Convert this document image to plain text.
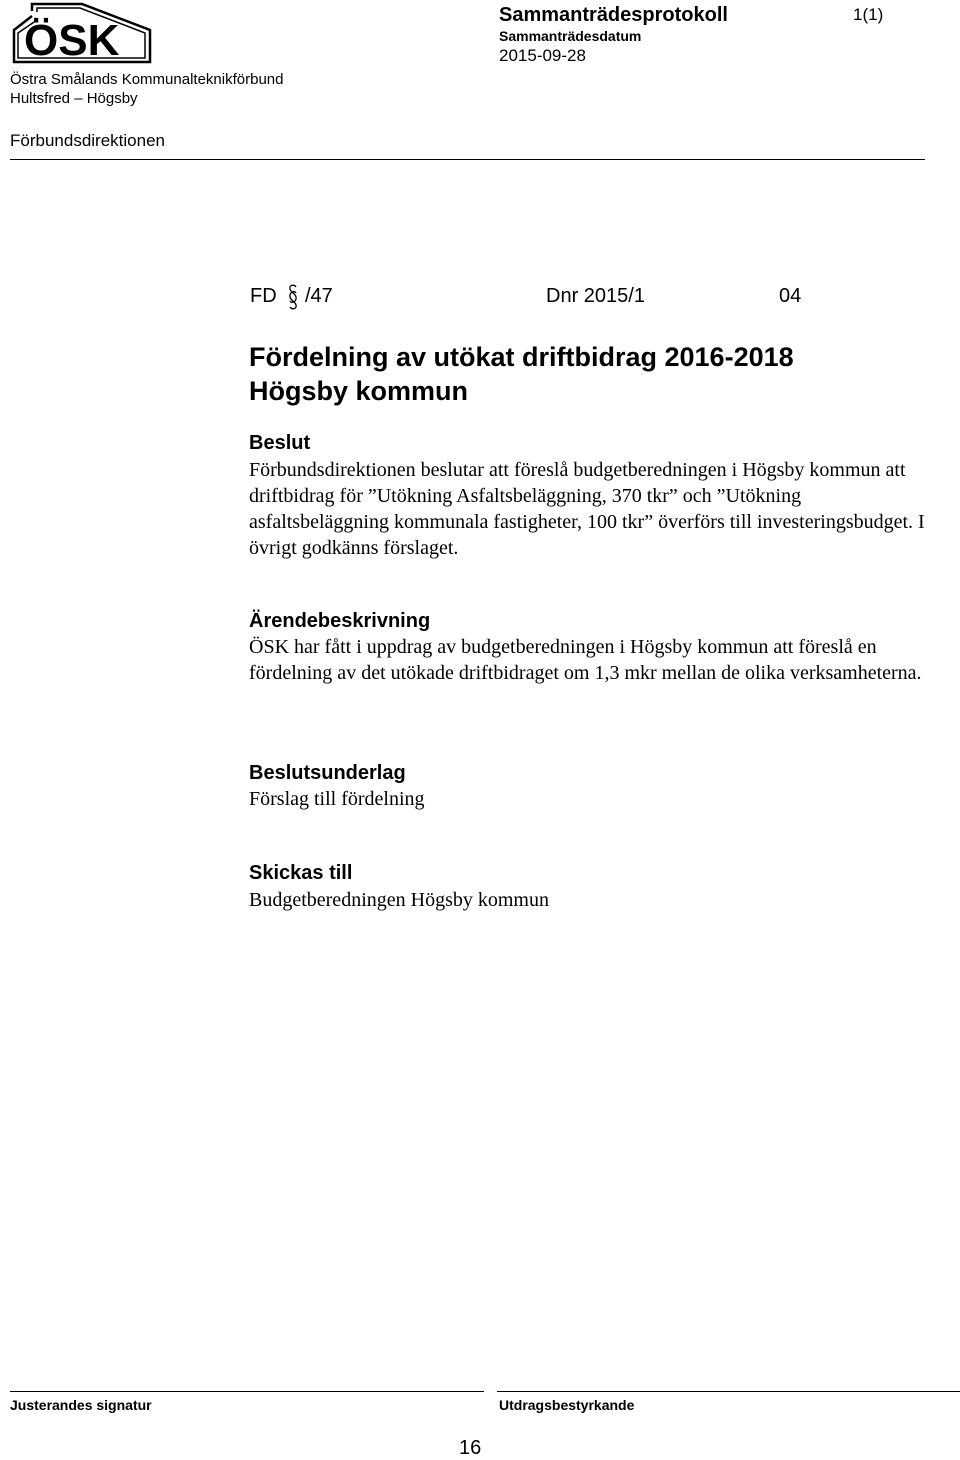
ÖSK
Östra Smålands Kommunalteknikförbund
Hultsfred – Högsby
Förbundsdirektionen
Sammanträdesprotokoll
Sammanträdesdatum
2015-09-28
1(1)
FD /47	Dnr 2015/1	04
Fördelning av utökat driftbidrag 2016-2018
Högsby kommun
Beslut
Förbundsdirektionen beslutar att föreslå budgetberedningen i Högsby kommun att driftbidrag för ”Utökning Asfaltsbeläggning, 370 tkr” och ”Utökning asfaltsbeläggning kommunala fastigheter, 100 tkr” överförs till investeringsbudget. I övrigt godkänns förslaget.
Ärendebeskrivning
ÖSK har fått i uppdrag av budgetberedningen i Högsby kommun att föreslå en fördelning av det utökade driftbidraget om 1,3 mkr mellan de olika verksamheterna.
Beslutsunderlag
Förslag till fördelning
Skickas till
Budgetberedningen Högsby kommun
Justerandes signatur	Utdragsbestyrkande
16
